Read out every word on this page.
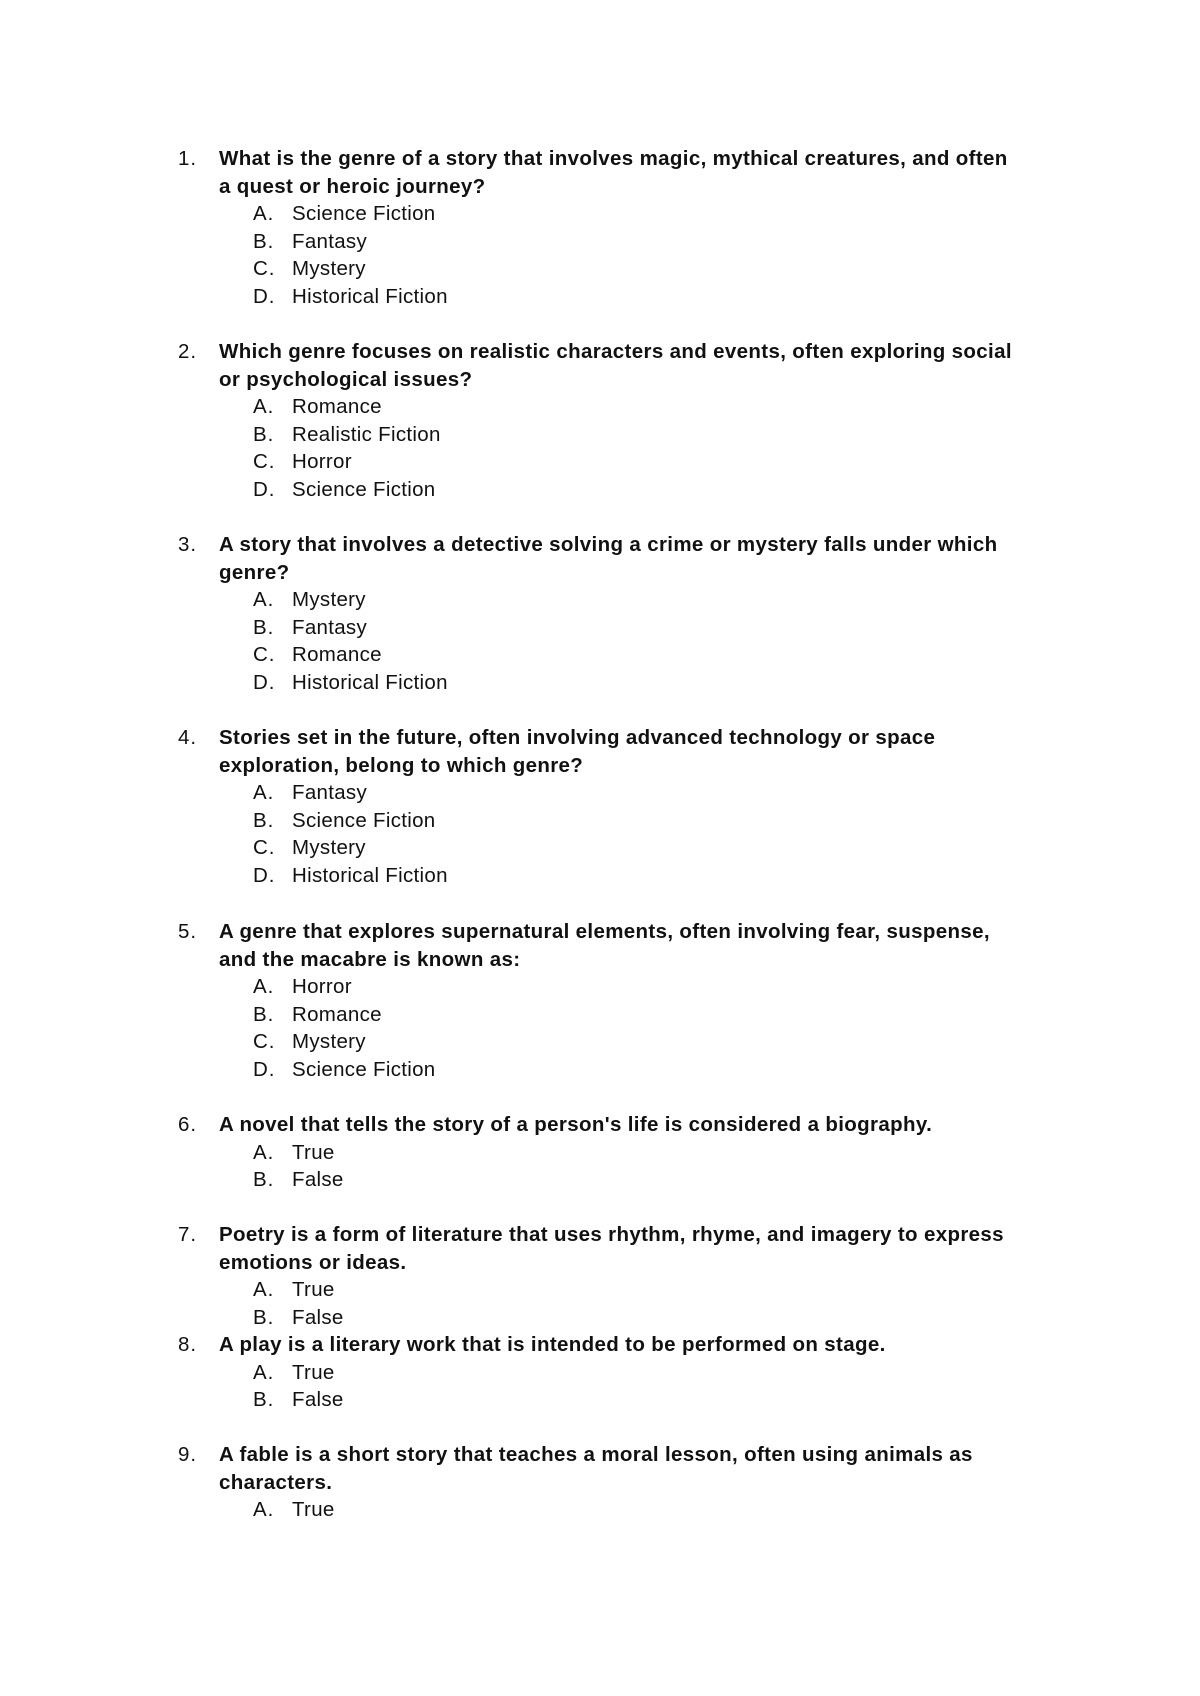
1.	What is the genre of a story that involves magic, mythical creatures, and often
a quest or heroic journey?
A. Science Fiction
B. Fantasy
C. Mystery
D. Historical Fiction
2.	Which genre focuses on realistic characters and events, often exploring social
or psychological issues?
A. Romance
B. Realistic Fiction
C. Horror
D. Science Fiction
3.	A story that involves a detective solving a crime or mystery falls under which
genre?
A. Mystery
B. Fantasy
C. Romance
D. Historical Fiction
4.	Stories set in the future, often involving advanced technology or space
exploration, belong to which genre?
A. Fantasy
B. Science Fiction
C. Mystery
D. Historical Fiction
5.	A genre that explores supernatural elements, often involving fear, suspense,
and the macabre is known as:
A. Horror
B. Romance
C. Mystery
D. Science Fiction
6.	A novel that tells the story of a person's life is considered a biography.
A. True
B. False
7.	Poetry is a form of literature that uses rhythm, rhyme, and imagery to express
emotions or ideas.
A. True
B. False
8.	A play is a literary work that is intended to be performed on stage.
A. True
B. False
9.	A fable is a short story that teaches a moral lesson, often using animals as
characters.
A. True
